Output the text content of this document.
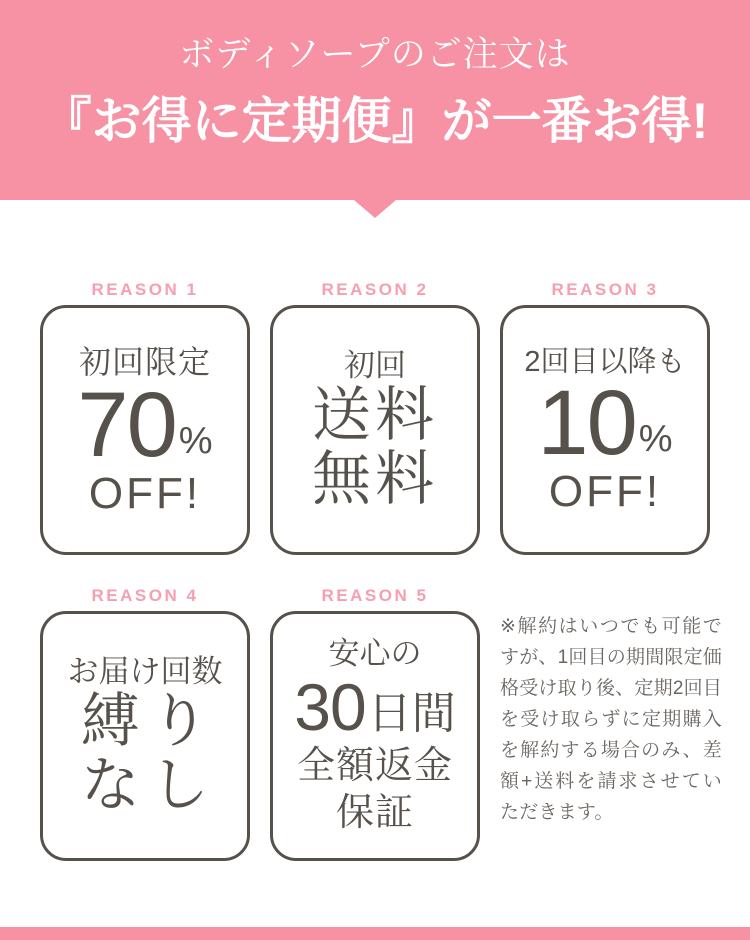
ボディソープのご注文は
『お得に定期便』が一番お得!
REASON 1
初回限定
70 %
OFF!
REASON 2
初回
送料
無料
REASON 3
2回目以降も
10 %
OFF!
REASON 4
お届け回数
縛り
なし
REASON 5
安心の
30 日間
全額返金
保証
※解約はいつでも可能ですが、1回目の期間限定価格受け取り後、定期2回目を受け取らずに定期購入を解約する場合のみ、差額+送料を請求させていただきます。
